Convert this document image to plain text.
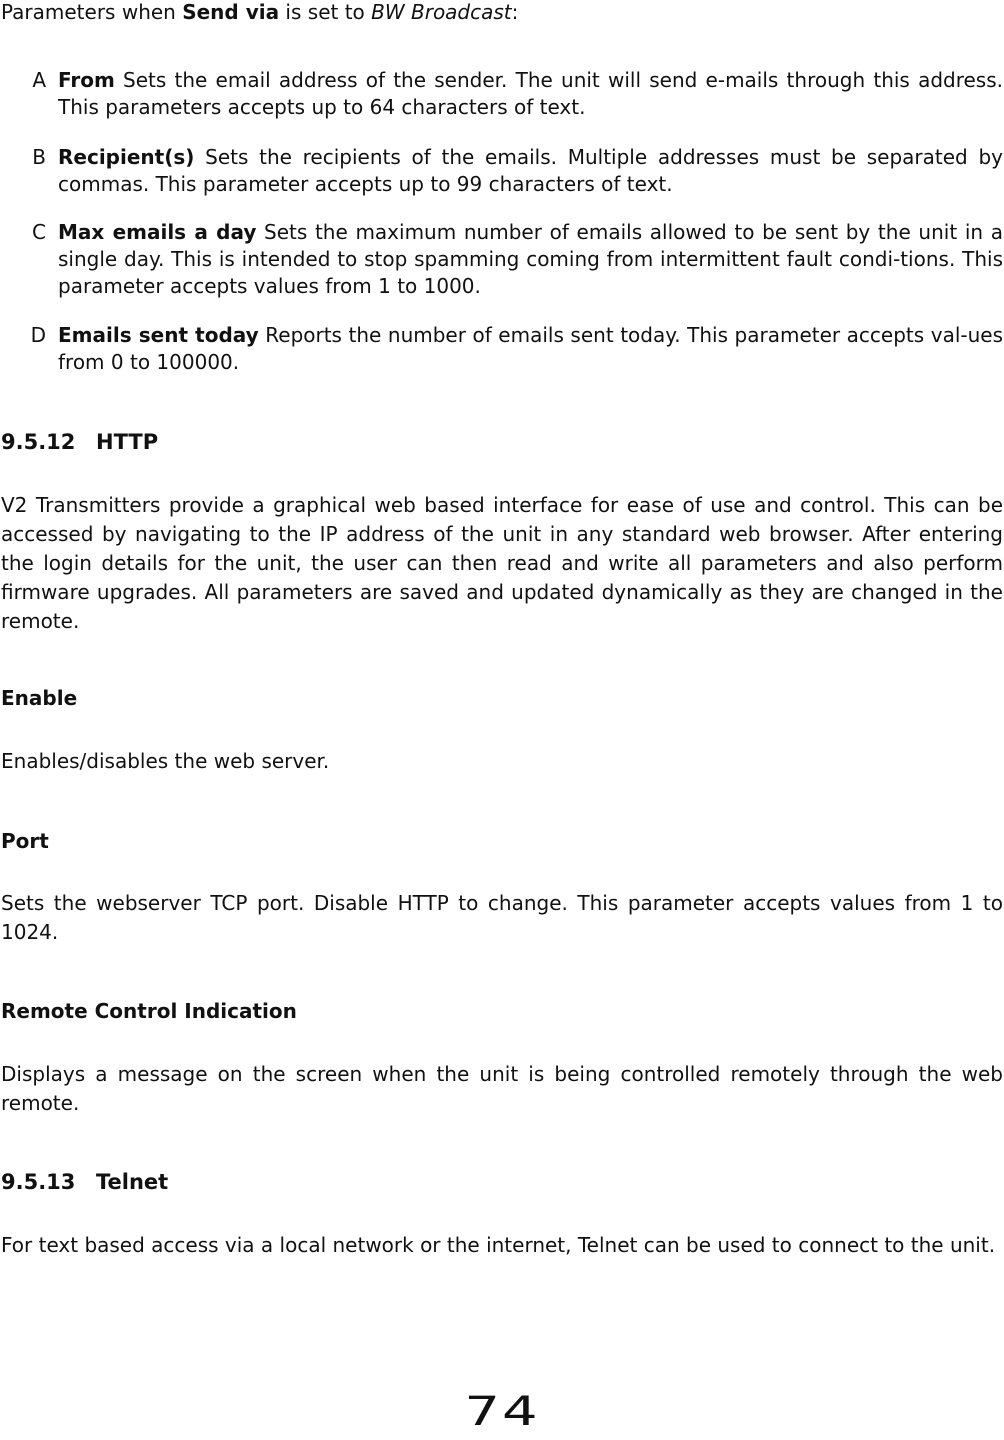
Parameters when Send via is set to BW Broadcast:

A From Sets the email address of the sender. The unit will send e-mails through this address. This parameters accepts up to 64 characters of text.

B Recipient(s) Sets the recipients of the emails. Multiple addresses must be separated by commas. This parameter accepts up to 99 characters of text.

C Max emails a day Sets the maximum number of emails allowed to be sent by the unit in a single day. This is intended to stop spamming coming from intermittent fault condi-tions. This parameter accepts values from 1 to 1000.

D Emails sent today Reports the number of emails sent today. This parameter accepts val-ues from 0 to 100000.

9.5.12 HTTP

V2 Transmitters provide a graphical web based interface for ease of use and control. This can be accessed by navigating to the IP address of the unit in any standard web browser. After entering the login details for the unit, the user can then read and write all parameters and also perform firmware upgrades. All parameters are saved and updated dynamically as they are changed in the remote.

Enable

Enables/disables the web server.

Port

Sets the webserver TCP port. Disable HTTP to change. This parameter accepts values from 1 to 1024.

Remote Control Indication

Displays a message on the screen when the unit is being controlled remotely through the web remote.

9.5.13 Telnet

For text based access via a local network or the internet, Telnet can be used to connect to the unit.

74
